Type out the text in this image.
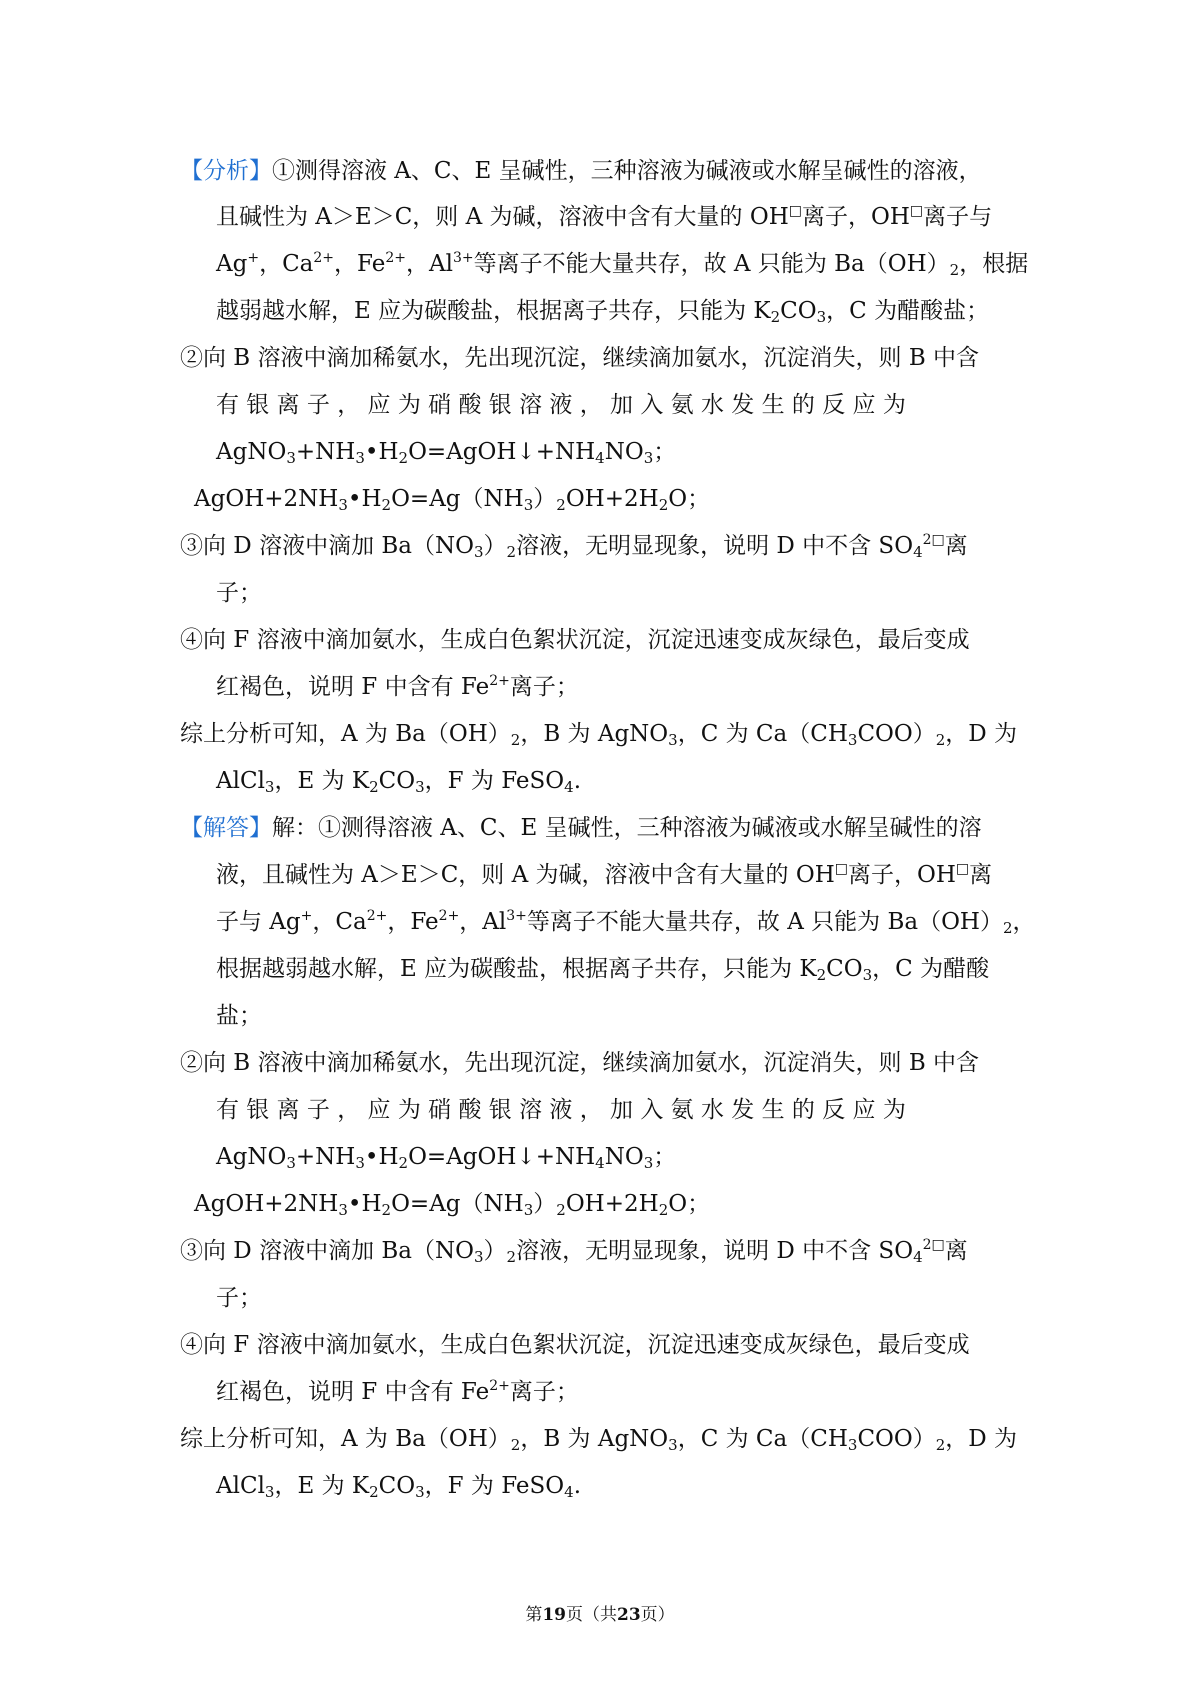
【分析】①测得溶液 A、C、E 呈碱性，三种溶液为碱液或水解呈碱性的溶液，
且碱性为 A＞E＞C，则 A 为碱，溶液中含有大量的 OH□离子，OH□离子与
Ag+，$Ca^{2+}$，$Fe^{2+}$，$Al^{3+}$等离子不能大量共存，故 A 只能为 $Ba(OH)_2$，根据
越弱越水解，E 应为碳酸盐，根据离子共存，只能为 $K_2CO_3$，C 为醋酸盐；
②向 B 溶液中滴加稀氨水，先出现沉淀，继续滴加氨水，沉淀消失，则 B 中含
有 银 离 子 ， 应 为 硝 酸 银 溶 液 ， 加 入 氨 水 发 生 的 反 应 为
$AgNO_3+NH_3•H_2O=AgOH↓+NH_4NO_3$；
$AgOH+2NH_3•H_2O=Ag(NH_3)_2OH+2H_2O$；
③向 D 溶液中滴加 $Ba(NO_3)_2$溶液，无明显现象，说明 D 中不含 $SO_4^{2□}$离
子；
④向 F 溶液中滴加氨水，生成白色絮状沉淀，沉淀迅速变成灰绿色，最后变成
红褐色，说明 F 中含有 $Fe^{2+}$离子；
综上分析可知，A 为 $Ba(OH)_2$，B 为 AgNO$_3$，C 为 $Ca(CH_3COO)_2$，D 为
AlCl$_3$，E 为 $K_2CO_3$，F 为 FeSO$_4$.
【解答】解：①测得溶液 A、C、E 呈碱性，三种溶液为碱液或水解呈碱性的溶
液，且碱性为 A＞E＞C，则 A 为碱，溶液中含有大量的 OH□离子，OH□离
子与 Ag+，$Ca^{2+}$，$Fe^{2+}$，$Al^{3+}$等离子不能大量共存，故 A 只能为 $Ba(OH)_2$，
根据越弱越水解，E 应为碳酸盐，根据离子共存，只能为 $K_2CO_3$，C 为醋酸
盐；
②向 B 溶液中滴加稀氨水，先出现沉淀，继续滴加氨水，沉淀消失，则 B 中含
有 银 离 子 ， 应 为 硝 酸 银 溶 液 ， 加 入 氨 水 发 生 的 反 应 为
$AgNO_3+NH_3•H_2O=AgOH↓+NH_4NO_3$；
$AgOH+2NH_3•H_2O=Ag(NH_3)_2OH+2H_2O$；
③向 D 溶液中滴加 $Ba(NO_3)_2$溶液，无明显现象，说明 D 中不含 $SO_4^{2□}$离
子；
④向 F 溶液中滴加氨水，生成白色絮状沉淀，沉淀迅速变成灰绿色，最后变成
红褐色，说明 F 中含有 $Fe^{2+}$离子；
综上分析可知，A 为 $Ba(OH)_2$，B 为 AgNO$_3$，C 为 $Ca(CH_3COO)_2$，D 为
AlCl$_3$，E 为 $K_2CO_3$，F 为 FeSO$_4$.
第19页（共23页）
